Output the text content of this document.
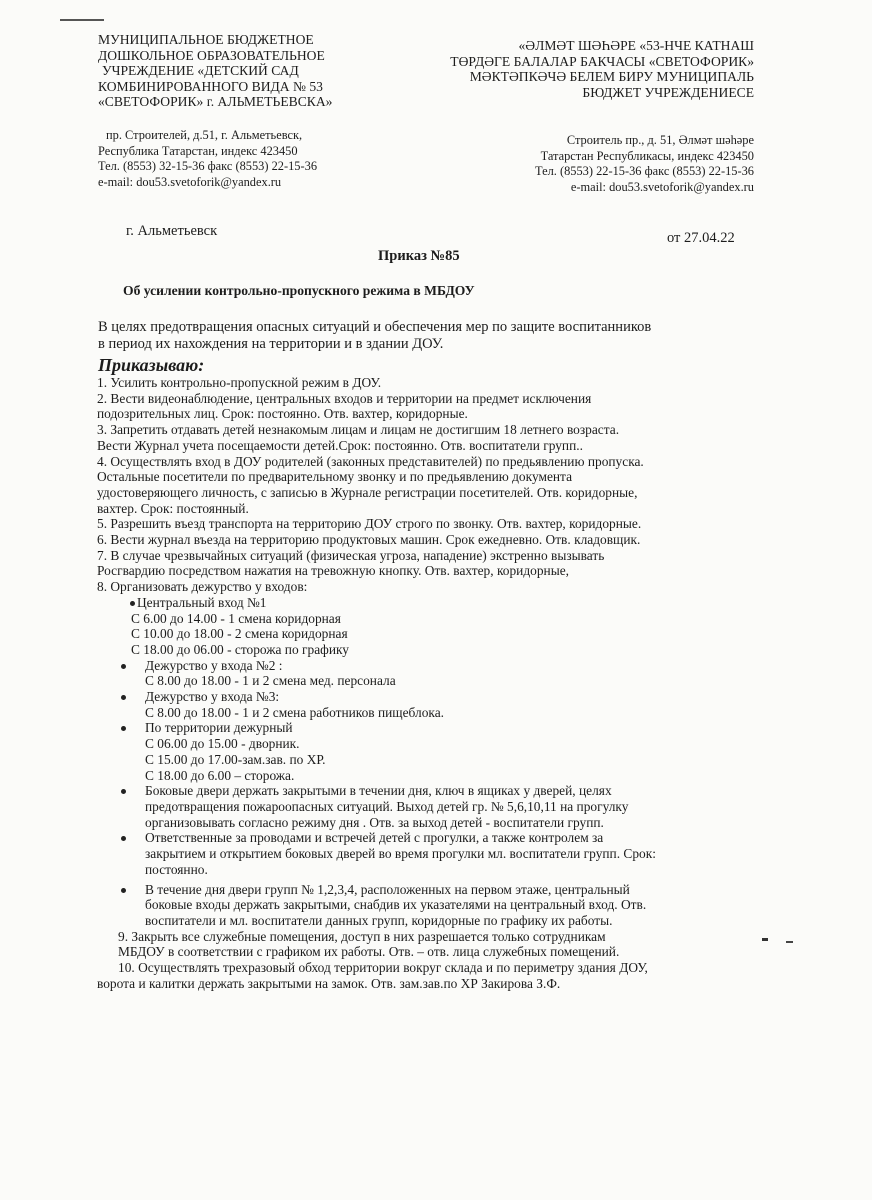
МУНИЦИПАЛЬНОЕ БЮДЖЕТНОЕ
ДОШКОЛЬНОЕ ОБРАЗОВАТЕЛЬНОЕ
УЧРЕЖДЕНИЕ «ДЕТСКИЙ САД
КОМБИНИРОВАННОГО ВИДА № 53
«СВЕТОФОРИК» г. АЛЬМЕТЬЕВСКА»
«ӘЛМӘТ ШӘҺӘРЕ «53-НЧЕ КАТНАШ
ТӨРДӘГЕ БАЛАЛАР БАКЧАСЫ «СВЕТОФОРИК»
МӘКТӘПКӘЧӘ БЕЛЕМ БИРУ МУНИЦИПАЛЬ
БЮДЖЕТ УЧРЕЖДЕНИЕСЕ
пр. Строителей, д.51, г. Альметьевск,
Республика Татарстан, индекс 423450
Тел. (8553) 32-15-36 факс (8553) 22-15-36
e-mail: dou53.svetoforik@yandex.ru
Строитель пр., д. 51, Әлмәт шәһәре
Татарстан Республикасы, индекс 423450
Тел. (8553) 22-15-36 факс (8553) 22-15-36
e-mail: dou53.svetoforik@yandex.ru
г. Альметьевск	от 27.04.22
Приказ №85
Об усилении контрольно-пропускного режима в МБДОУ
В целях предотвращения опасных ситуаций и обеспечения мер по защите воспитанников
в период их нахождения на территории и в здании ДОУ.
Приказываю:
1. Усилить контрольно-пропускной режим в ДОУ.
2. Вести видеонаблюдение, центральных входов и территории на предмет исключения
подозрительных лиц. Срок: постоянно. Отв. вахтер, коридорные.
3. Запретить отдавать детей незнакомым лицам и лицам не достигшим 18 летнего возраста.
Вести Журнал учета посещаемости детей.Срок: постоянно. Отв. воспитатели групп..
4. Осуществлять вход в ДОУ родителей (законных представителей) по предьявлению пропуска.
Остальные посетители по предварительному звонку и по предьявлению документа
удостоверяющего личность, с записью в Журнале регистрации посетителей. Отв. коридорные,
вахтер. Срок: постоянный.
5. Разрешить въезд транспорта на территорию ДОУ строго по звонку. Отв. вахтер, коридорные.
6. Вести журнал въезда на территорию продуктовых машин. Срок ежедневно. Отв. кладовщик.
7. В случае чрезвычайных ситуаций (физическая угроза, нападение) экстренно вызывать
Росгвардию посредством нажатия на тревожную кнопку. Отв. вахтер, коридорные,
8. Организовать дежурство у входов:
Центральный вход №1
С 6.00 до 14.00 - 1 смена коридорная
С 10.00 до 18.00 - 2 смена коридорная
С 18.00 до 06.00 - сторожа по графику
Дежурство у входа №2 :
С 8.00 до 18.00 - 1 и 2 смена мед. персонала
Дежурство у входа №3:
С 8.00 до 18.00 - 1 и 2 смена работников пищеблока.
По территории дежурный
С 06.00 до 15.00 - дворник.
С 15.00 до 17.00-зам.зав. по ХР.
С 18.00 до 6.00 – сторожа.
Боковые двери держать закрытыми в течении дня, ключ в ящиках у дверей, целях
предотвращения пожароопасных ситуаций. Выход детей гр. № 5,6,10,11 на прогулку
организовывать согласно режиму дня . Отв. за выход детей - воспитатели групп.
Ответственные за проводами и встречей детей с прогулки, а также контролем за
закрытием и открытием боковых дверей во время прогулки мл. воспитатели групп. Срок:
постоянно.
В течение дня двери групп № 1,2,3,4, расположенных на первом этаже, центральный
боковые входы держать закрытыми, снабдив их указателями на центральный вход. Отв.
воспитатели и мл. воспитатели данных групп, коридорные по графику их работы.
9. Закрыть все служебные помещения, доступ в них разрешается только сотрудникам
МБДОУ в соответствии с графиком их работы. Отв. – отв. лица служебных помещений.
10. Осуществлять трехразовый обход территории вокруг склада и по периметру здания ДОУ,
ворота и калитки держать закрытыми на замок. Отв. зам.зав.по ХР Закирова З.Ф.
